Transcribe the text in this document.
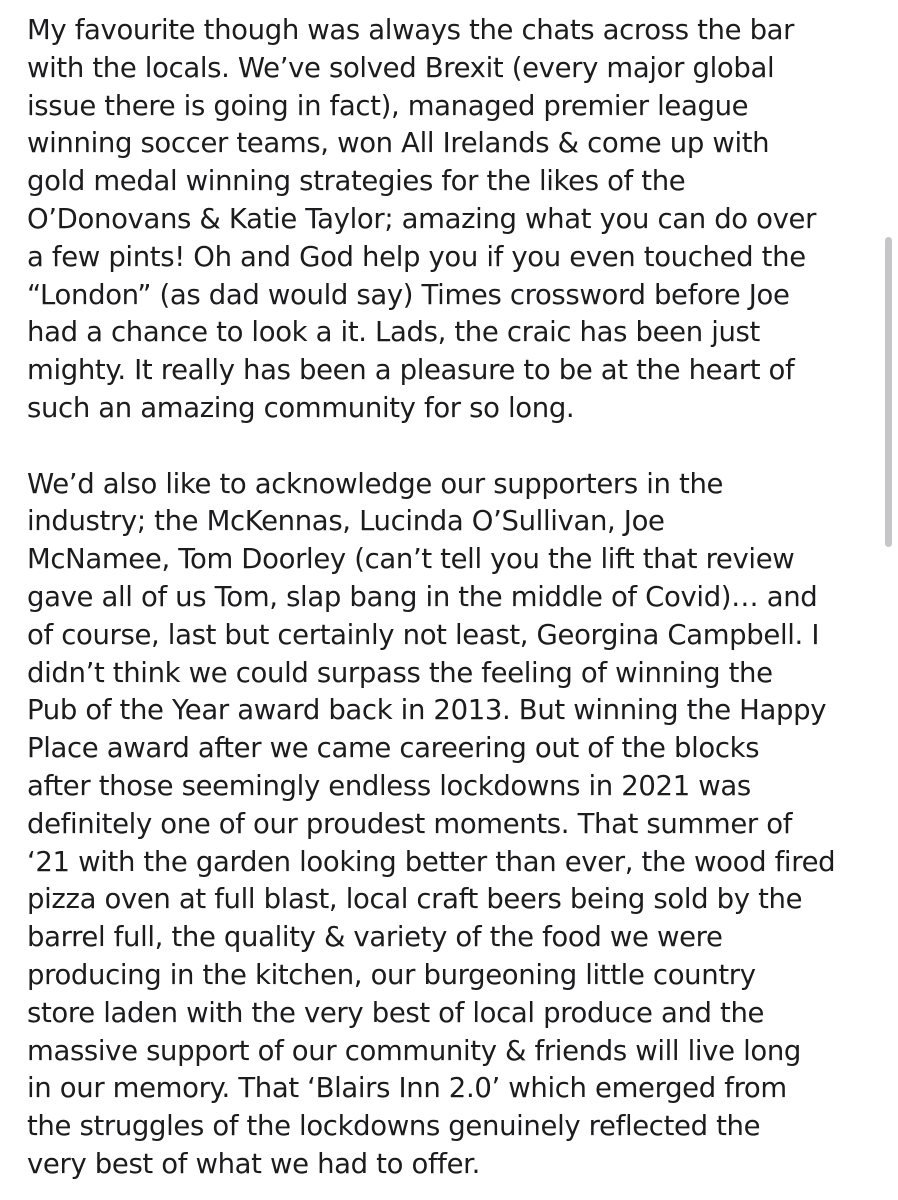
My favourite though was always the chats across the bar
with the locals. We’ve solved Brexit (every major global
issue there is going in fact), managed premier league
winning soccer teams, won All Irelands & come up with
gold medal winning strategies for the likes of the
O’Donovans & Katie Taylor; amazing what you can do over
a few pints! Oh and God help you if you even touched the
“London” (as dad would say) Times crossword before Joe
had a chance to look a it. Lads, the craic has been just
mighty. It really has been a pleasure to be at the heart of
such an amazing community for so long.
We’d also like to acknowledge our supporters in the
industry; the McKennas, Lucinda O’Sullivan, Joe
McNamee, Tom Doorley (can’t tell you the lift that review
gave all of us Tom, slap bang in the middle of Covid)… and
of course, last but certainly not least, Georgina Campbell. I
didn’t think we could surpass the feeling of winning the
Pub of the Year award back in 2013. But winning the Happy
Place award after we came careering out of the blocks
after those seemingly endless lockdowns in 2021 was
definitely one of our proudest moments. That summer of
‘21 with the garden looking better than ever, the wood fired
pizza oven at full blast, local craft beers being sold by the
barrel full, the quality & variety of the food we were
producing in the kitchen, our burgeoning little country
store laden with the very best of local produce and the
massive support of our community & friends will live long
in our memory. That ‘Blairs Inn 2.0’ which emerged from
the struggles of the lockdowns genuinely reflected the
very best of what we had to offer.
